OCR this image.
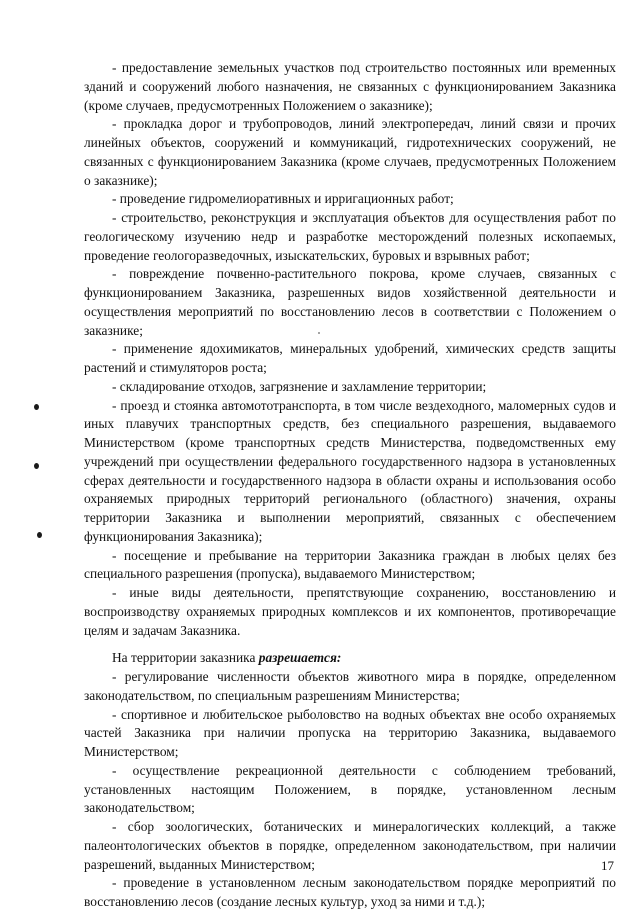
- предоставление земельных участков под строительство постоянных или временных зданий и сооружений любого назначения, не связанных с функционированием Заказника (кроме случаев, предусмотренных Положением о заказнике);

- прокладка дорог и трубопроводов, линий электропередач, линий связи и прочих линейных объектов, сооружений и коммуникаций, гидротехнических сооружений, не связанных с функционированием Заказника (кроме случаев, предусмотренных Положением о заказнике);

- проведение гидромелиоративных и ирригационных работ;

- строительство, реконструкция и эксплуатация объектов для осуществления работ по геологическому изучению недр и разработке месторождений полезных ископаемых, проведение геологоразведочных, изыскательских, буровых и взрывных работ;

- повреждение почвенно-растительного покрова, кроме случаев, связанных с функционированием Заказника, разрешенных видов хозяйственной деятельности и осуществления мероприятий по восстановлению лесов в соответствии с Положением о заказнике;

- применение ядохимикатов, минеральных удобрений, химических средств защиты растений и стимуляторов роста;

- складирование отходов, загрязнение и захламление территории;

- проезд и стоянка автомототранспорта, в том числе вездеходного, маломерных судов и иных плавучих транспортных средств, без специального разрешения, выдаваемого Министерством (кроме транспортных средств Министерства, подведомственных ему учреждений при осуществлении федерального государственного надзора в установленных сферах деятельности и государственного надзора в области охраны и использования особо охраняемых природных территорий регионального (областного) значения, охраны территории Заказника и выполнении мероприятий, связанных с обеспечением функционирования Заказника);

- посещение и пребывание на территории Заказника граждан в любых целях без специального разрешения (пропуска), выдаваемого Министерством;

- иные виды деятельности, препятствующие сохранению, восстановлению и воспроизводству охраняемых природных комплексов и их компонентов, противоречащие целям и задачам Заказника.

На территории заказника разрешается:

- регулирование численности объектов животного мира в порядке, определенном законодательством, по специальным разрешениям Министерства;

- спортивное и любительское рыболовство на водных объектах вне особо охраняемых частей Заказника при наличии пропуска на территорию Заказника, выдаваемого Министерством;

- осуществление рекреационной деятельности с соблюдением требований, установленных настоящим Положением, в порядке, установленном лесным законодательством;

- сбор зоологических, ботанических и минералогических коллекций, а также палеонтологических объектов в порядке, определенном законодательством, при наличии разрешений, выданных Министерством;

- проведение в установленном лесным законодательством порядке мероприятий по восстановлению лесов (создание лесных культур, уход за ними и т.д.);

17
